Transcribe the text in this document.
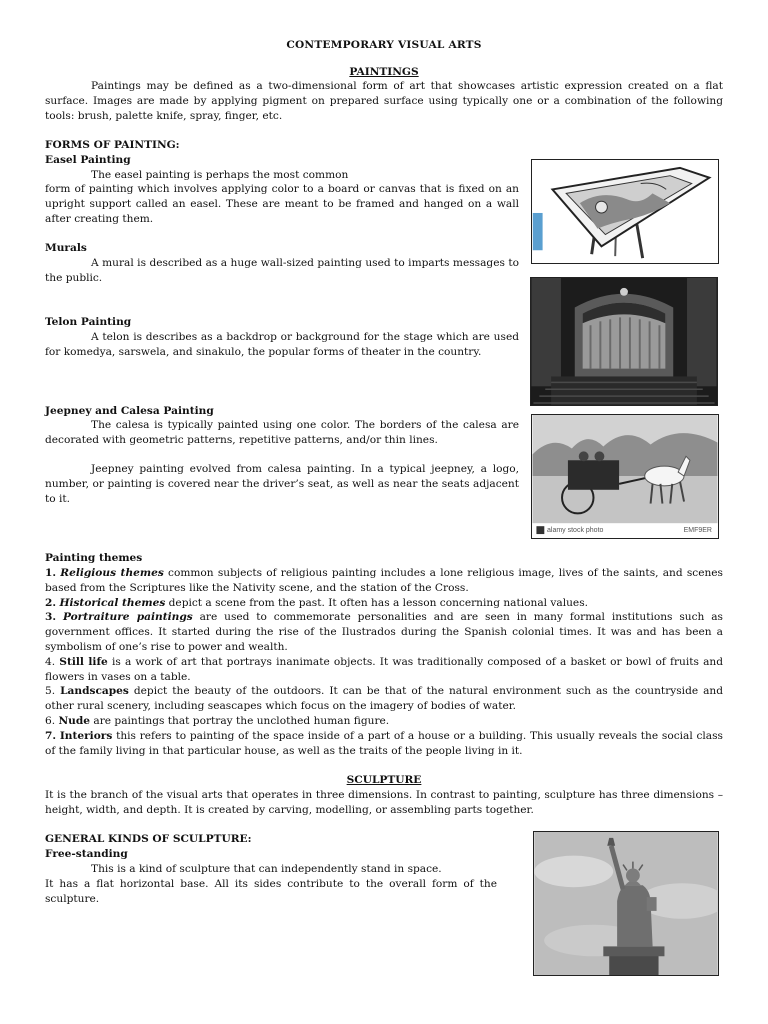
CONTEMPORARY VISUAL ARTS
PAINTINGS

Paintings may be defined as a two-dimensional form of art that showcases artistic expression created on a flat surface. Images are made by applying pigment on prepared surface using typically one or a combination of the following tools: brush, palette knife, spray, finger, etc.

FORMS OF PAINTING:
Easel Painting
The easel painting is perhaps the most common

form of painting which involves applying color to a board or canvas that is fixed on an upright support called an easel. These are meant to be framed and hanged on a wall after creating them.

Murals

A mural is described as a huge wall-sized painting used to imparts messages to the public.

Telon Painting

A telon is describes as a backdrop or background for the stage which are used for komedya, sarswela, and sinakulo, the popular forms of theater in the country.

Jeepney and Calesa Painting

The calesa is typically painted using one color. The borders of the calesa are decorated with geometric patterns, repetitive patterns, and/or thin lines.

Jeepney painting evolved from calesa painting. In a typical jeepney, a logo, number, or painting is covered near the driver’s seat, as well as near the seats adjacent to it.

Painting themes

1. Religious themes common subjects of religious painting includes a lone religious image, lives of the saints, and scenes based from the Scriptures like the Nativity scene, and the station of the Cross.

2. Historical themes depict a scene from the past. It often has a lesson concerning national values.

3. Portraiture paintings are used to commemorate personalities and are seen in many formal institutions such as government offices. It started during the rise of the Ilustrados during the Spanish colonial times. It was and has been a symbolism of one’s rise to power and wealth.

4. Still life is a work of art that portrays inanimate objects. It was traditionally composed of a basket or bowl of fruits and flowers in vases on a table.

5. Landscapes depict the beauty of the outdoors. It can be that of the natural environment such as the countryside and other rural scenery, including seascapes which focus on the imagery of bodies of water.

6. Nude are paintings that portray the unclothed human figure.

7. Interiors this refers to painting of the space inside of a part of a house or a building. This usually reveals the social class of the family living in that particular house, as well as the traits of the people living in it.

SCULPTURE

It is the branch of the visual arts that operates in three dimensions. In contrast to painting, sculpture has three dimensions – height, width, and depth. It is created by carving, modelling, or assembling parts together.

GENERAL KINDS OF SCULPTURE:
Free-standing
This is a kind of sculpture that can independently stand in space.

It has a flat horizontal base. All its sides contribute to the overall form of the sculpture.

alamy stock photo	EMF9ER
